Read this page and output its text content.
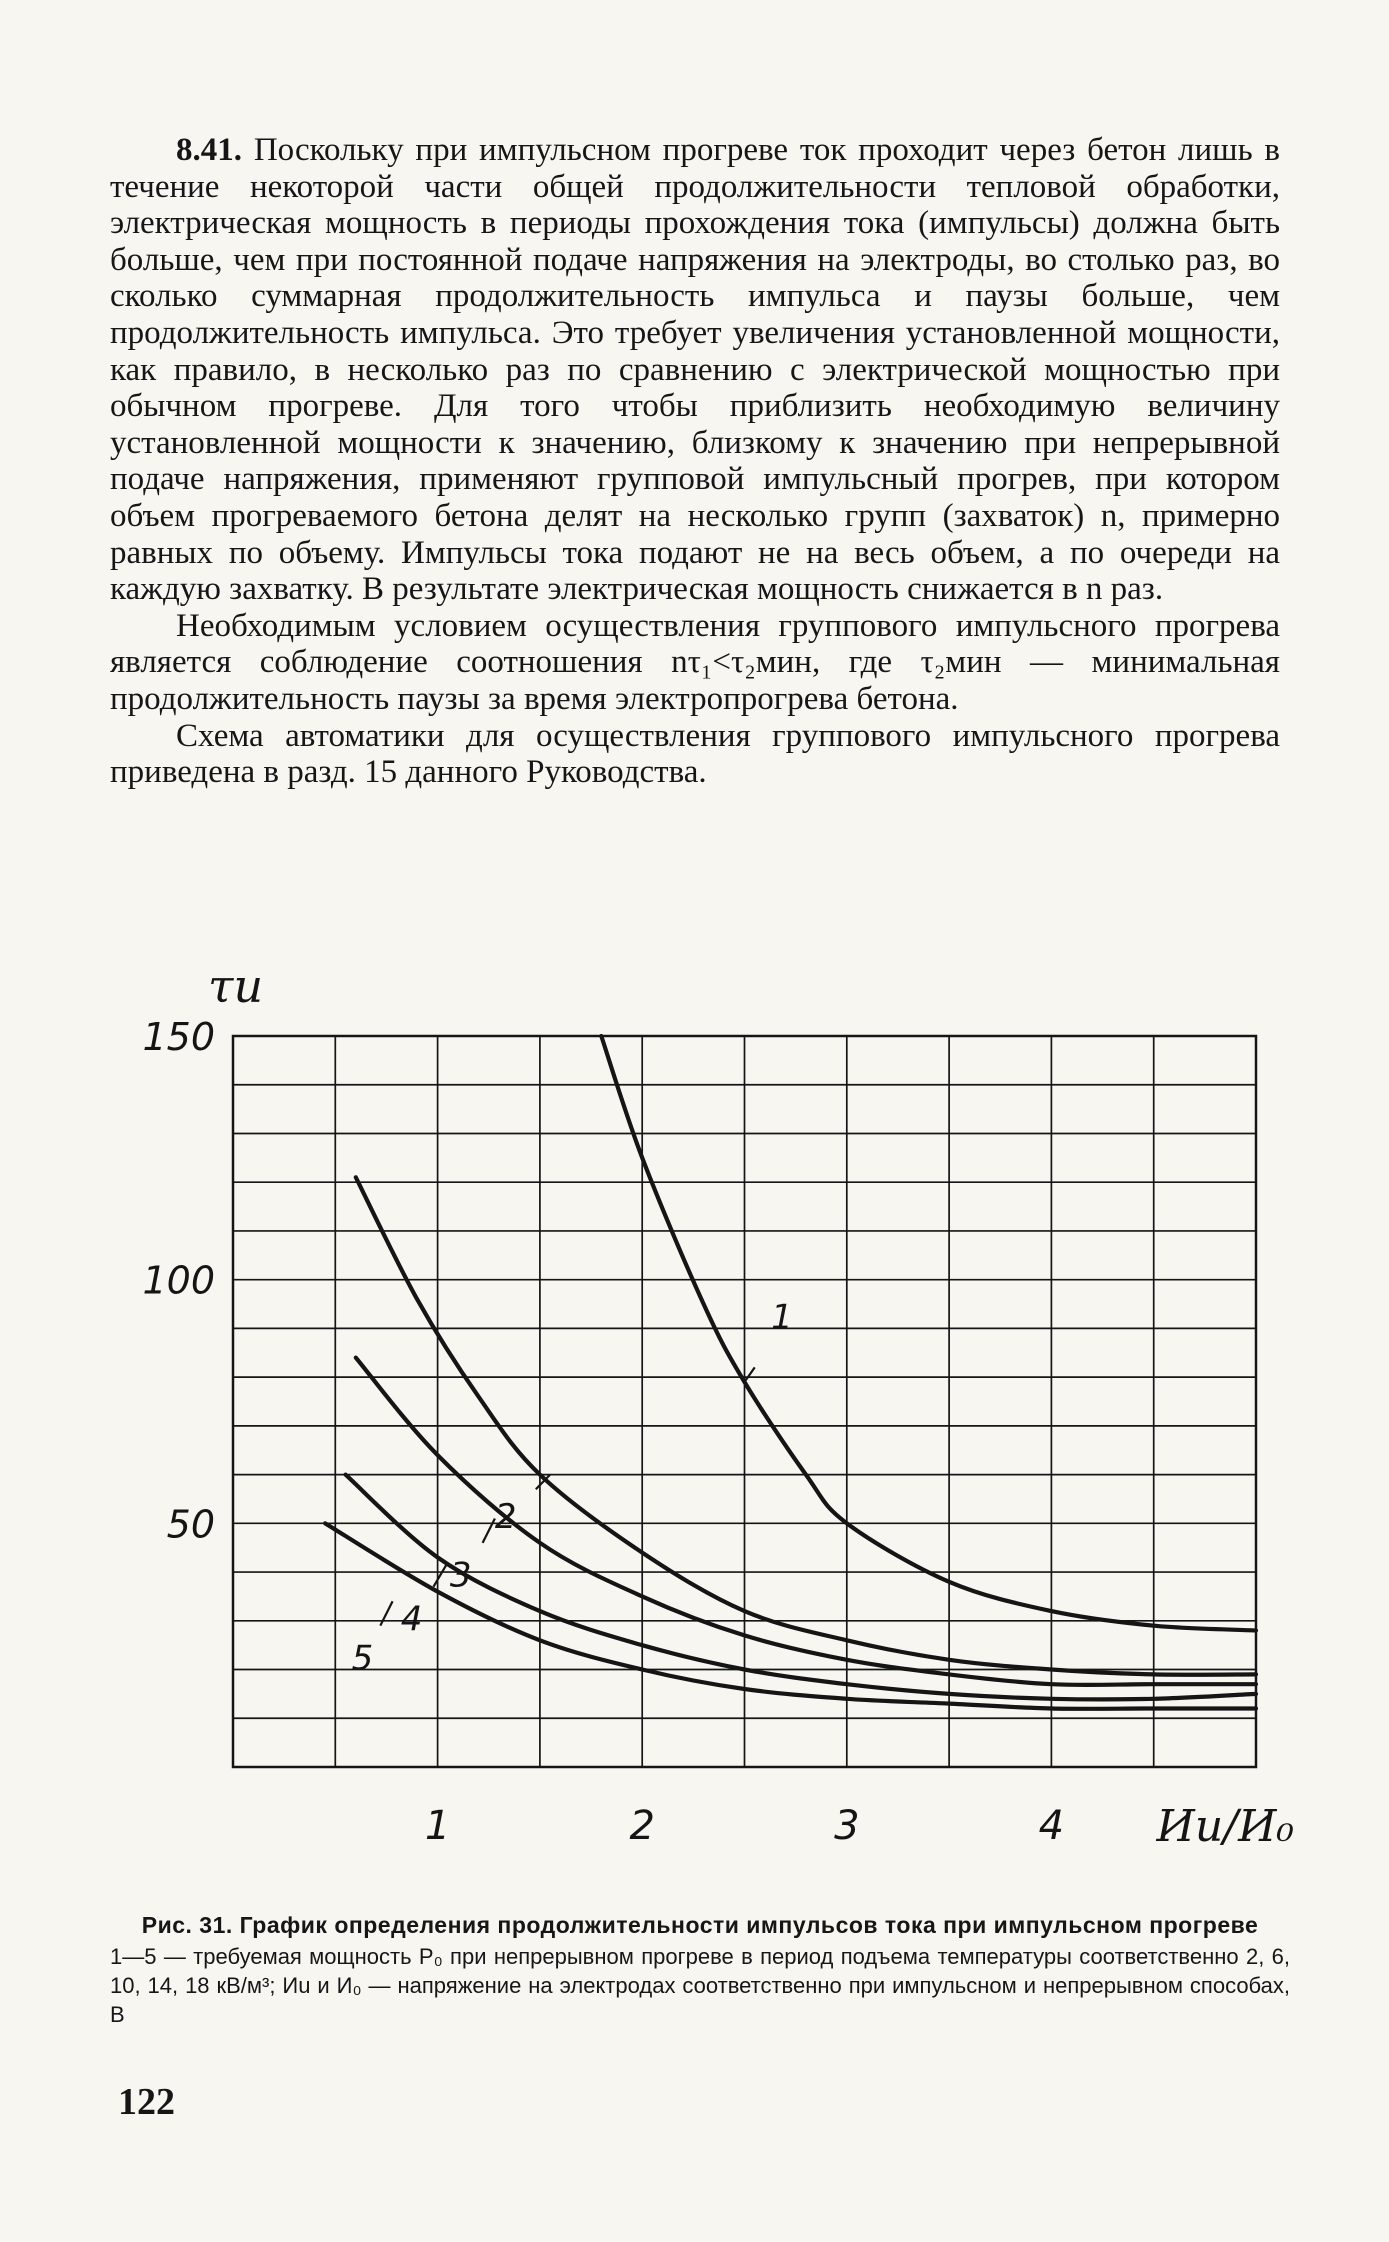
8.41. Поскольку при импульсном прогреве ток проходит через бетон лишь в течение некоторой части общей продолжительности тепловой обработки, электрическая мощность в периоды прохождения тока (импульсы) должна быть больше, чем при постоянной подаче напряжения на электроды, во столько раз, во сколько суммарная продолжительность импульса и паузы больше, чем продолжительность импульса. Это требует увеличения установленной мощности, как правило, в несколько раз по сравнению с электрической мощностью при обычном прогреве. Для того чтобы приблизить необходимую величину установленной мощности к значению, близкому к значению при непрерывной подаче напряжения, применяют групповой импульсный прогрев, при котором объем прогреваемого бетона делят на несколько групп (захваток) n, примерно равных по объему. Импульсы тока подают не на весь объем, а по очереди на каждую захватку. В результате электрическая мощность снижается в n раз.

Необходимым условием осуществления группового импульсного прогрева является соблюдение соотношения nτ₁<τ₂мин, где τ₂мин — минимальная продолжительность паузы за время электропрогрева бетона.

Схема автоматики для осуществления группового импульсного прогрева приведена в разд. 15 данного Руководства.

150
100
50
1	2	3	4
τu
Иu/И₀
1
2
3
4
5
Рис. 31. График определения продолжительности импульсов тока при импульсном прогреве
1—5 — требуемая мощность P₀ при непрерывном прогреве в период подъема температуры соответственно 2, 6, 10, 14, 18 кВ/м³; Иu и И₀ — напряжение на электродах соответственно при импульсном и непрерывном способах, В
122
